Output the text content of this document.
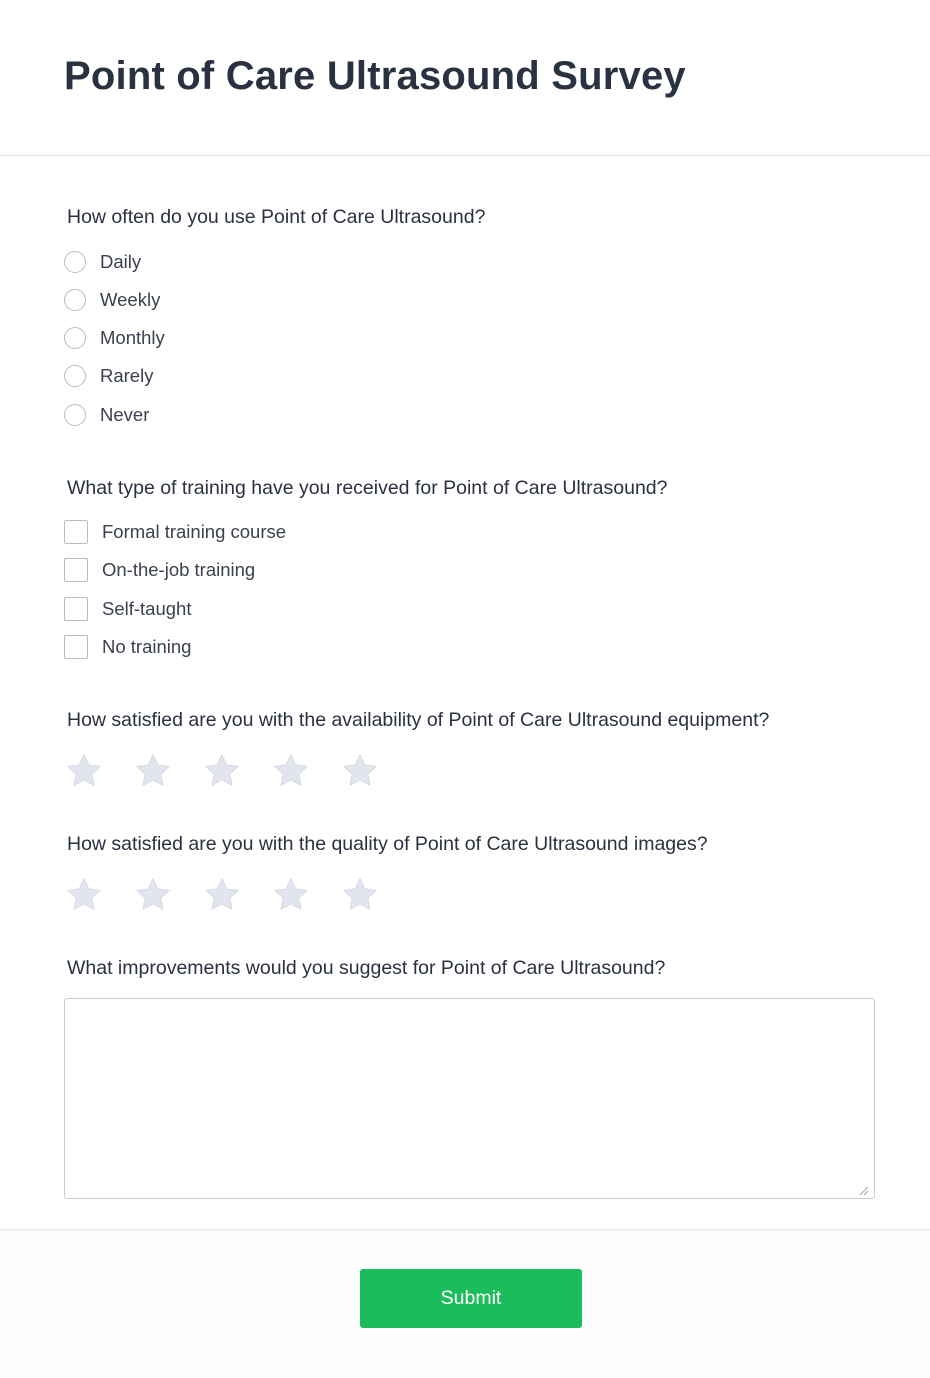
Point of Care Ultrasound Survey

How often do you use Point of Care Ultrasound?

Daily
Weekly
Monthly
Rarely
Never

What type of training have you received for Point of Care Ultrasound?

Formal training course
On-the-job training
Self-taught
No training

How satisfied are you with the availability of Point of Care Ultrasound equipment?

How satisfied are you with the quality of Point of Care Ultrasound images?

What improvements would you suggest for Point of Care Ultrasound?

Submit
